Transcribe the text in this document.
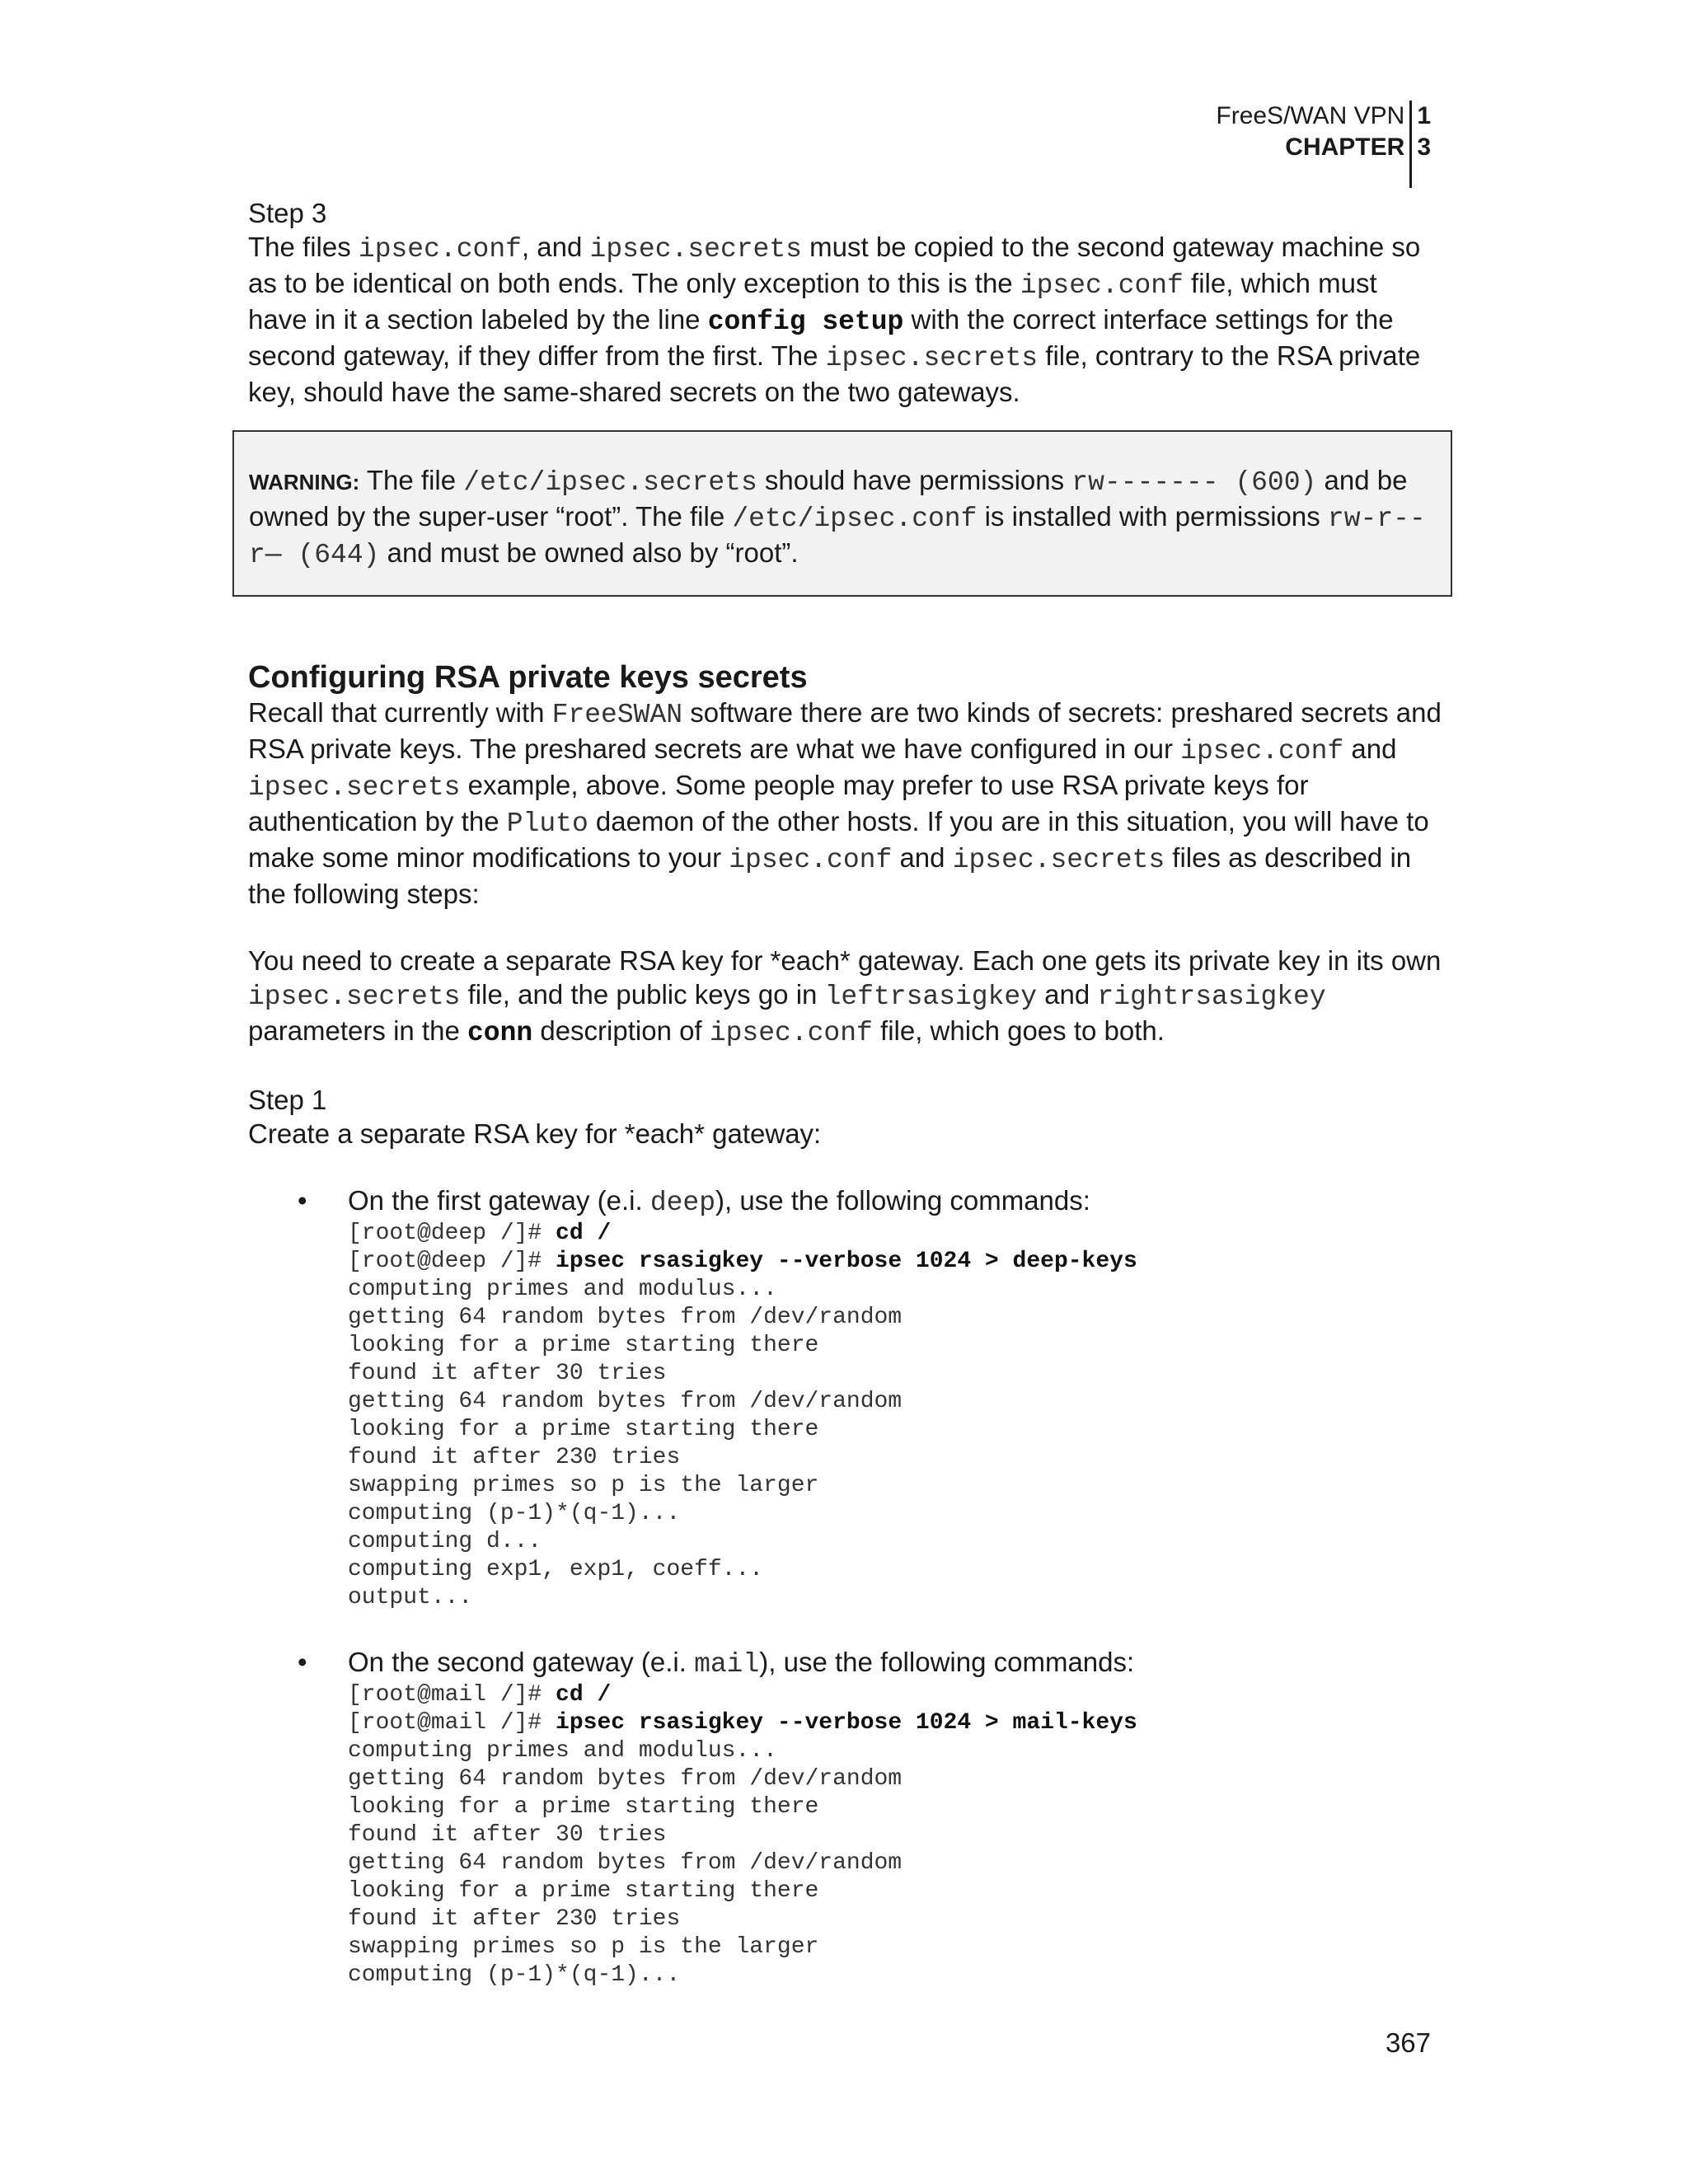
FreeS/WAN VPN
CHAPTER
1
3

Step 3

The files ipsec.conf, and ipsec.secrets must be copied to the second gateway machine so as to be identical on both ends. The only exception to this is the ipsec.conf file, which must have in it a section labeled by the line config setup with the correct interface settings for the second gateway, if they differ from the first. The ipsec.secrets file, contrary to the RSA private key, should have the same-shared secrets on the two gateways.

WARNING: The file /etc/ipsec.secrets should have permissions rw------- (600) and be owned by the super-user “root”. The file /etc/ipsec.conf is installed with permissions rw-r--r— (644) and must be owned also by “root”.
Configuring RSA private keys secrets

Recall that currently with FreeSWAN software there are two kinds of secrets: preshared secrets and RSA private keys. The preshared secrets are what we have configured in our ipsec.conf and ipsec.secrets example, above. Some people may prefer to use RSA private keys for authentication by the Pluto daemon of the other hosts. If you are in this situation, you will have to make some minor modifications to your ipsec.conf and ipsec.secrets files as described in the following steps:

You need to create a separate RSA key for *each* gateway. Each one gets its private key in its own ipsec.secrets file, and the public keys go in leftrsasigkey and rightrsasigkey parameters in the conn description of ipsec.conf file, which goes to both.

Step 1

Create a separate RSA key for *each* gateway:

• On the first gateway (e.i. deep), use the following commands:

[root@deep /]# cd /
[root@deep /]# ipsec rsasigkey --verbose 1024 > deep-keys
computing primes and modulus...
getting 64 random bytes from /dev/random
looking for a prime starting there
found it after 30 tries
getting 64 random bytes from /dev/random
looking for a prime starting there
found it after 230 tries
swapping primes so p is the larger
computing (p-1)*(q-1)...
computing d...
computing exp1, exp1, coeff...
output...
• On the second gateway (e.i. mail), use the following commands:

[root@mail /]# cd /
[root@mail /]# ipsec rsasigkey --verbose 1024 > mail-keys
computing primes and modulus...
getting 64 random bytes from /dev/random
looking for a prime starting there
found it after 30 tries
getting 64 random bytes from /dev/random
looking for a prime starting there
found it after 230 tries
swapping primes so p is the larger
computing (p-1)*(q-1)...
367
